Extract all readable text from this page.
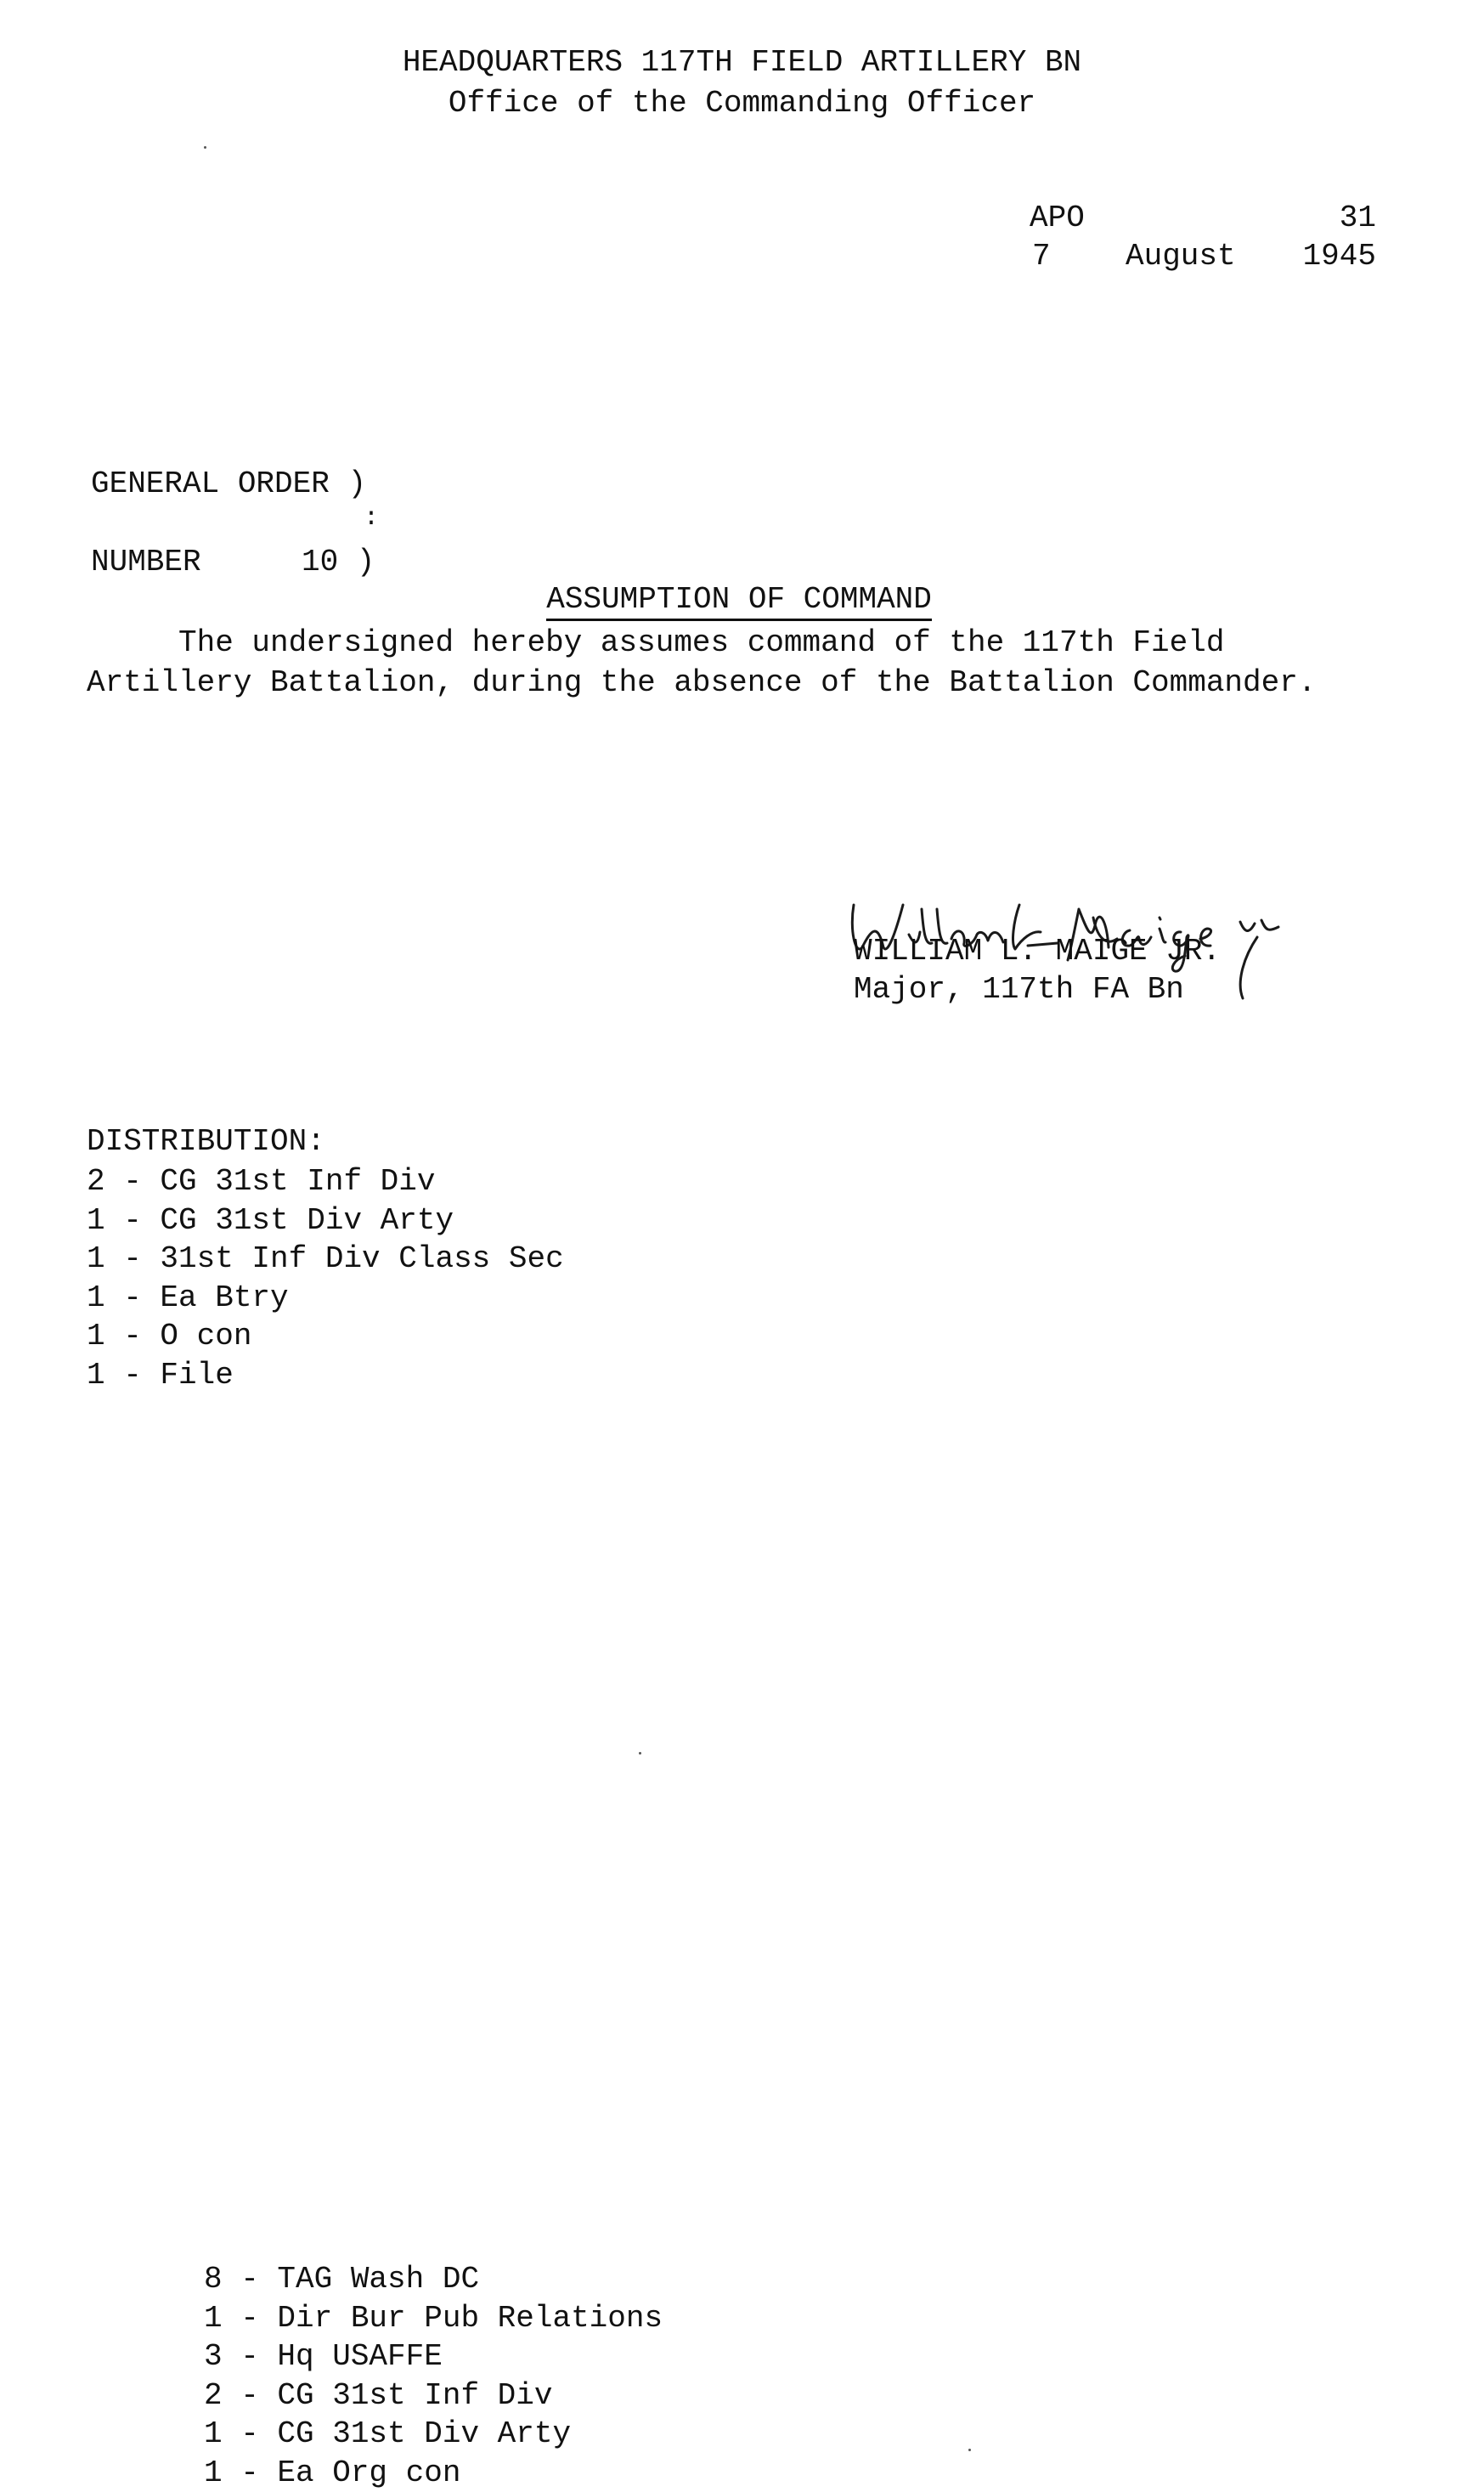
HEADQUARTERS 117TH FIELD ARTILLERY BN
Office of the Commanding Officer
APO	31
7 August	1945
GENERAL ORDER )
:
NUMBER	10 )

ASSUMPTION OF COMMAND

The undersigned hereby assumes command of the 117th Field
Artillery Battalion, during the absence of the Battalion Commander.
WILLIAM L. MAIGE JR.
Major, 117th FA Bn
DISTRIBUTION:
2 - CG 31st Inf Div
1 - CG 31st Div Arty
1 - 31st Inf Div Class Sec
1 - Ea Btry
1 - O con
1 - File
8 - TAG Wash DC
1 - Dir Bur Pub Relations
3 - Hq USAFFE
2 - CG 31st Inf Div
1 - CG 31st Div Arty
1 - Ea Org con
